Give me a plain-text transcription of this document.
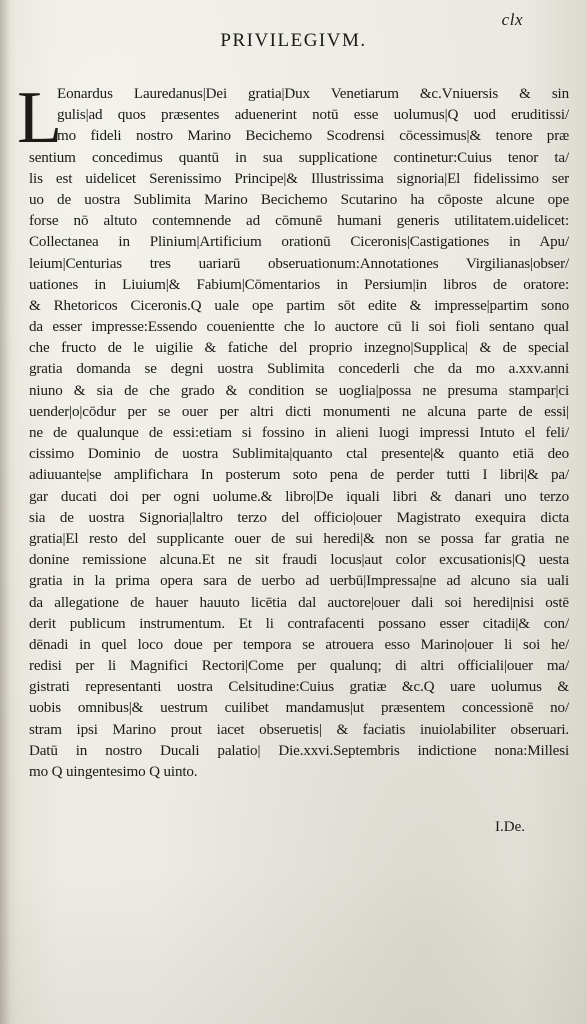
clx
PRIVILEGIVM.
L
Eonardus Lauredanus|Dei gratia|Dux Venetiarum &c.Vniuersis & sin
gulis|ad quos præsentes aduenerint notū esse uolumus|Q uod eruditissi/
mo fideli nostro Marino Becichemo Scodrensi cōcessimus|& tenore præ
sentium concedimus quantū in sua supplicatione continetur:Cuius tenor ta/
lis est uidelicet Serenissimo Principe|& Illustrissima signoria|El fidelissimo ser
uo de uostra Sublimita Marino Becichemo Scutarino ha cōposte alcune ope
forse nō altuto contemnende ad cōmunē humani generis utilitatem.uidelicet:
Collectanea in Plinium|Artificium orationū Ciceronis|Castigationes in Apu/
leium|Centurias tres uariarū obseruationum:Annotationes Virgilianas|obser/
uationes in Liuium|& Fabium|Cōmentarios in Persium|in libros de oratore:
& Rhetoricos Ciceronis.Q uale ope partim sōt edite & impresse|partim sono
da esser impresse:Essendo couenientte che lo auctore cū li soi fioli sentano qual
che fructo de le uigilie & fatiche del proprio inzegno|Supplica| & de special
gratia domanda se degni uostra Sublimita concederli che da mo a.xxv.anni
niuno & sia de che grado & condition se uoglia|possa ne presuma stampar|ci
uender|o|cōdur per se ouer per altri dicti monumenti ne alcuna parte de essi|
ne de qualunque de essi:etiam si fossino in alieni luogi impressi Intuto el feli/
cissimo Dominio de uostra Sublimita|quanto ctal presente|& quanto etiā deo
adiuuante|se amplifichara In posterum soto pena de perder tutti I libri|& pa/
gar ducati doi per ogni uolume.& libro|De iquali libri & danari uno terzo
sia de uostra Signoria|laltro terzo del officio|ouer Magistrato exequira dicta
gratia|El resto del supplicante ouer de sui heredi|& non se possa far gratia ne
donine remissione alcuna.Et ne sit fraudi locus|aut color excusationis|Q uesta
gratia in la prima opera sara de uerbo ad uerbū|Impressa|ne ad alcuno sia uali
da allegatione de hauer hauuto licētia dal auctore|ouer dali soi heredi|nisi ostē
derit publicum instrumentum. Et li contrafacenti possano esser citadi|& con/
dēnadi in quel loco doue per tempora se atrouera esso Marino|ouer li soi he/
redisi per li Magnifici Rectori|Come per qualunq; di altri officiali|ouer ma/
gistrati representanti uostra Celsitudine:Cuius gratiæ &c.Q uare uolumus &
uobis omnibus|& uestrum cuilibet mandamus|ut præsentem concessionē no/
stram ipsi Marino prout iacet obseruetis| & faciatis inuiolabiliter obseruari.
Datū in nostro Ducali palatio| Die.xxvi.Septembris indictione nona:Millesi
mo Q uingentesimo Q uinto.
I.De.
